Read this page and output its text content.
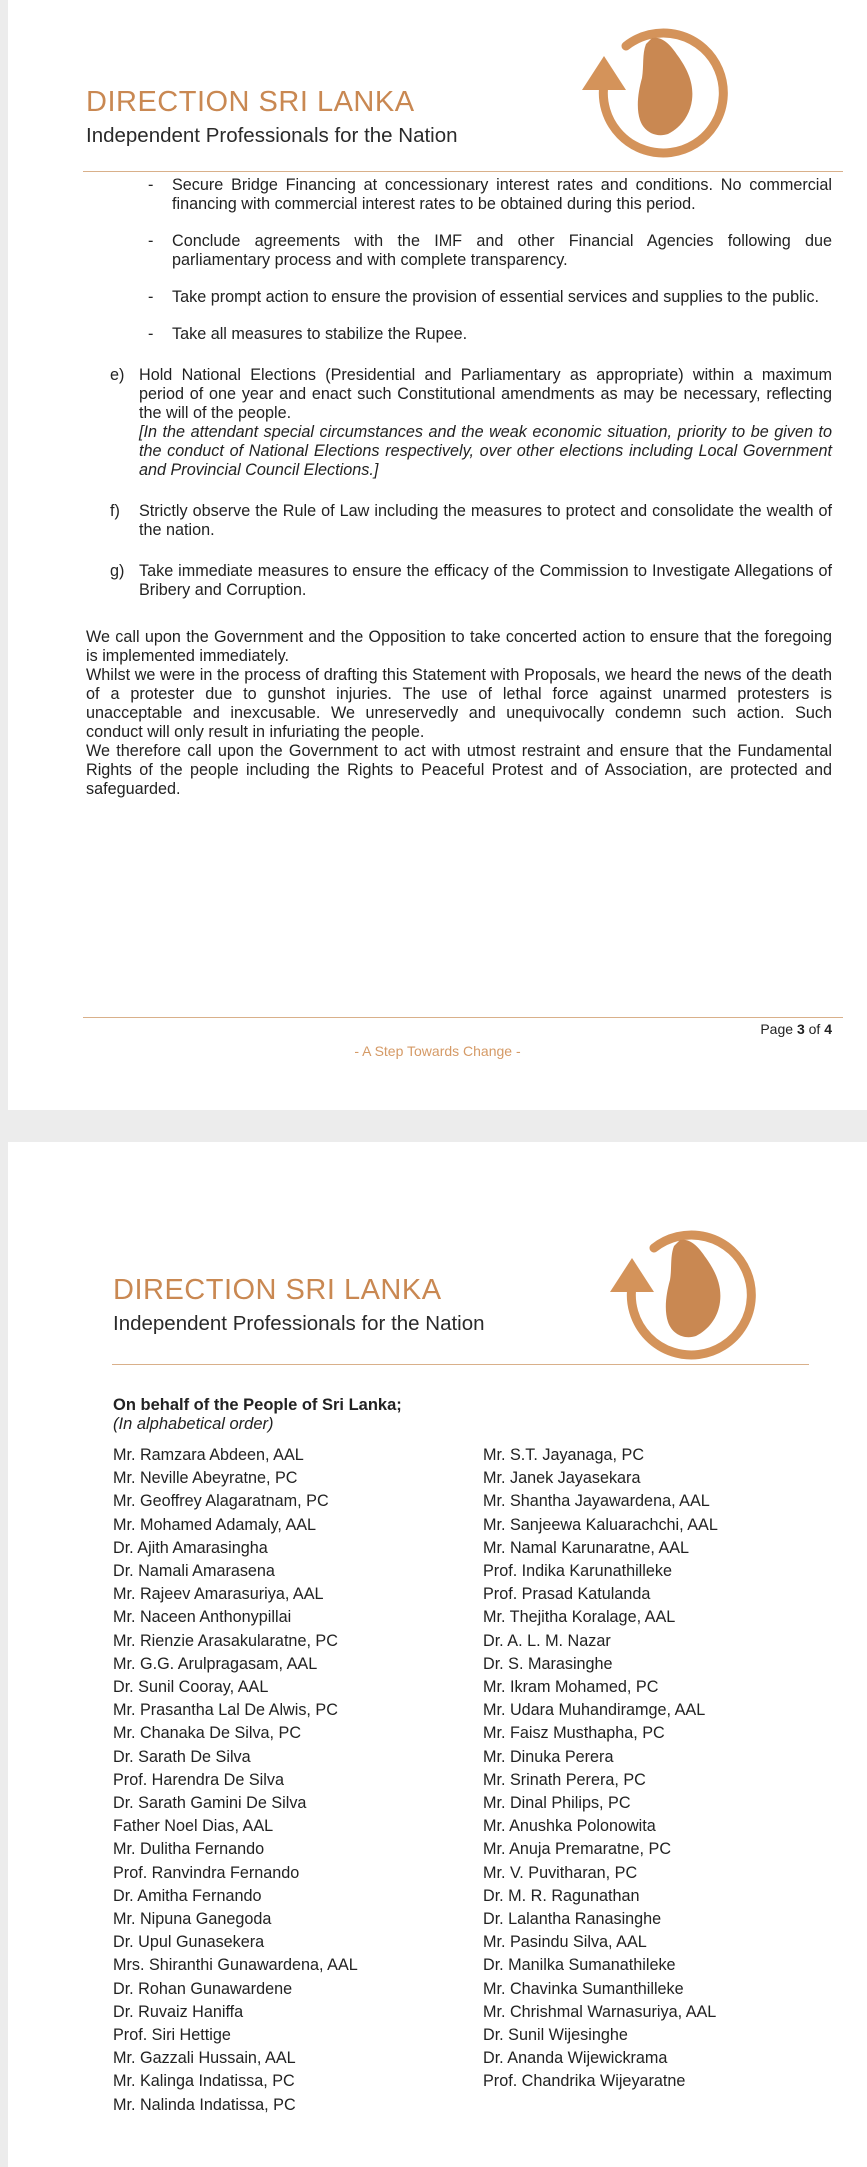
DIRECTION SRI LANKA
Independent Professionals for the Nation
- Secure Bridge Financing at concessionary interest rates and conditions. No commercial financing with commercial interest rates to be obtained during this period.
- Conclude agreements with the IMF and other Financial Agencies following due parliamentary process and with complete transparency.
- Take prompt action to ensure the provision of essential services and supplies to the public.
- Take all measures to stabilize the Rupee.
e) Hold National Elections (Presidential and Parliamentary as appropriate) within a maximum period of one year and enact such Constitutional amendments as may be necessary, reflecting the will of the people.
[In the attendant special circumstances and the weak economic situation, priority to be given to the conduct of National Elections respectively, over other elections including Local Government and Provincial Council Elections.]
f) Strictly observe the Rule of Law including the measures to protect and consolidate the wealth of the nation.
g) Take immediate measures to ensure the efficacy of the Commission to Investigate Allegations of Bribery and Corruption.

We call upon the Government and the Opposition to take concerted action to ensure that the foregoing is implemented immediately.

Whilst we were in the process of drafting this Statement with Proposals, we heard the news of the death of a protester due to gunshot injuries. The use of lethal force against unarmed protesters is unacceptable and inexcusable. We unreservedly and unequivocally condemn such action. Such conduct will only result in infuriating the people.

We therefore call upon the Government to act with utmost restraint and ensure that the Fundamental Rights of the people including the Rights to Peaceful Protest and of Association, are protected and safeguarded.

Page 3 of 4
- A Step Towards Change -
DIRECTION SRI LANKA
Independent Professionals for the Nation
On behalf of the People of Sri Lanka;
(In alphabetical order)
Mr. Ramzara Abdeen, AAL
Mr. Neville Abeyratne, PC
Mr. Geoffrey Alagaratnam, PC
Mr. Mohamed Adamaly, AAL
Dr. Ajith Amarasingha
Dr. Namali Amarasena
Mr. Rajeev Amarasuriya, AAL
Mr. Naceen Anthonypillai
Mr. Rienzie Arasakularatne, PC
Mr. G.G. Arulpragasam, AAL
Dr. Sunil Cooray, AAL
Mr. Prasantha Lal De Alwis, PC
Mr. Chanaka De Silva, PC
Dr. Sarath De Silva
Prof. Harendra De Silva
Dr. Sarath Gamini De Silva
Father Noel Dias, AAL
Mr. Dulitha Fernando
Prof. Ranvindra Fernando
Dr. Amitha Fernando
Mr. Nipuna Ganegoda
Dr. Upul Gunasekera
Mrs. Shiranthi Gunawardena, AAL
Dr. Rohan Gunawardene
Dr. Ruvaiz Haniffa
Prof. Siri Hettige
Mr. Gazzali Hussain, AAL
Mr. Kalinga Indatissa, PC
Mr. Nalinda Indatissa, PC
Mr. S.T. Jayanaga, PC
Mr. Janek Jayasekara
Mr. Shantha Jayawardena, AAL
Mr. Sanjeewa Kaluarachchi, AAL
Mr. Namal Karunaratne, AAL
Prof. Indika Karunathilleke
Prof. Prasad Katulanda
Mr. Thejitha Koralage, AAL
Dr. A. L. M. Nazar
Dr. S. Marasinghe
Mr. Ikram Mohamed, PC
Mr. Udara Muhandiramge, AAL
Mr. Faisz Musthapha, PC
Mr. Dinuka Perera
Mr. Srinath Perera, PC
Mr. Dinal Philips, PC
Mr. Anushka Polonowita
Mr. Anuja Premaratne, PC
Mr. V. Puvitharan, PC
Dr. M. R. Ragunathan
Dr. Lalantha Ranasinghe
Mr. Pasindu Silva, AAL
Dr. Manilka Sumanathileke
Mr. Chavinka Sumanthilleke
Mr. Chrishmal Warnasuriya, AAL
Dr. Sunil Wijesinghe
Dr. Ananda Wijewickrama
Prof. Chandrika Wijeyaratne
